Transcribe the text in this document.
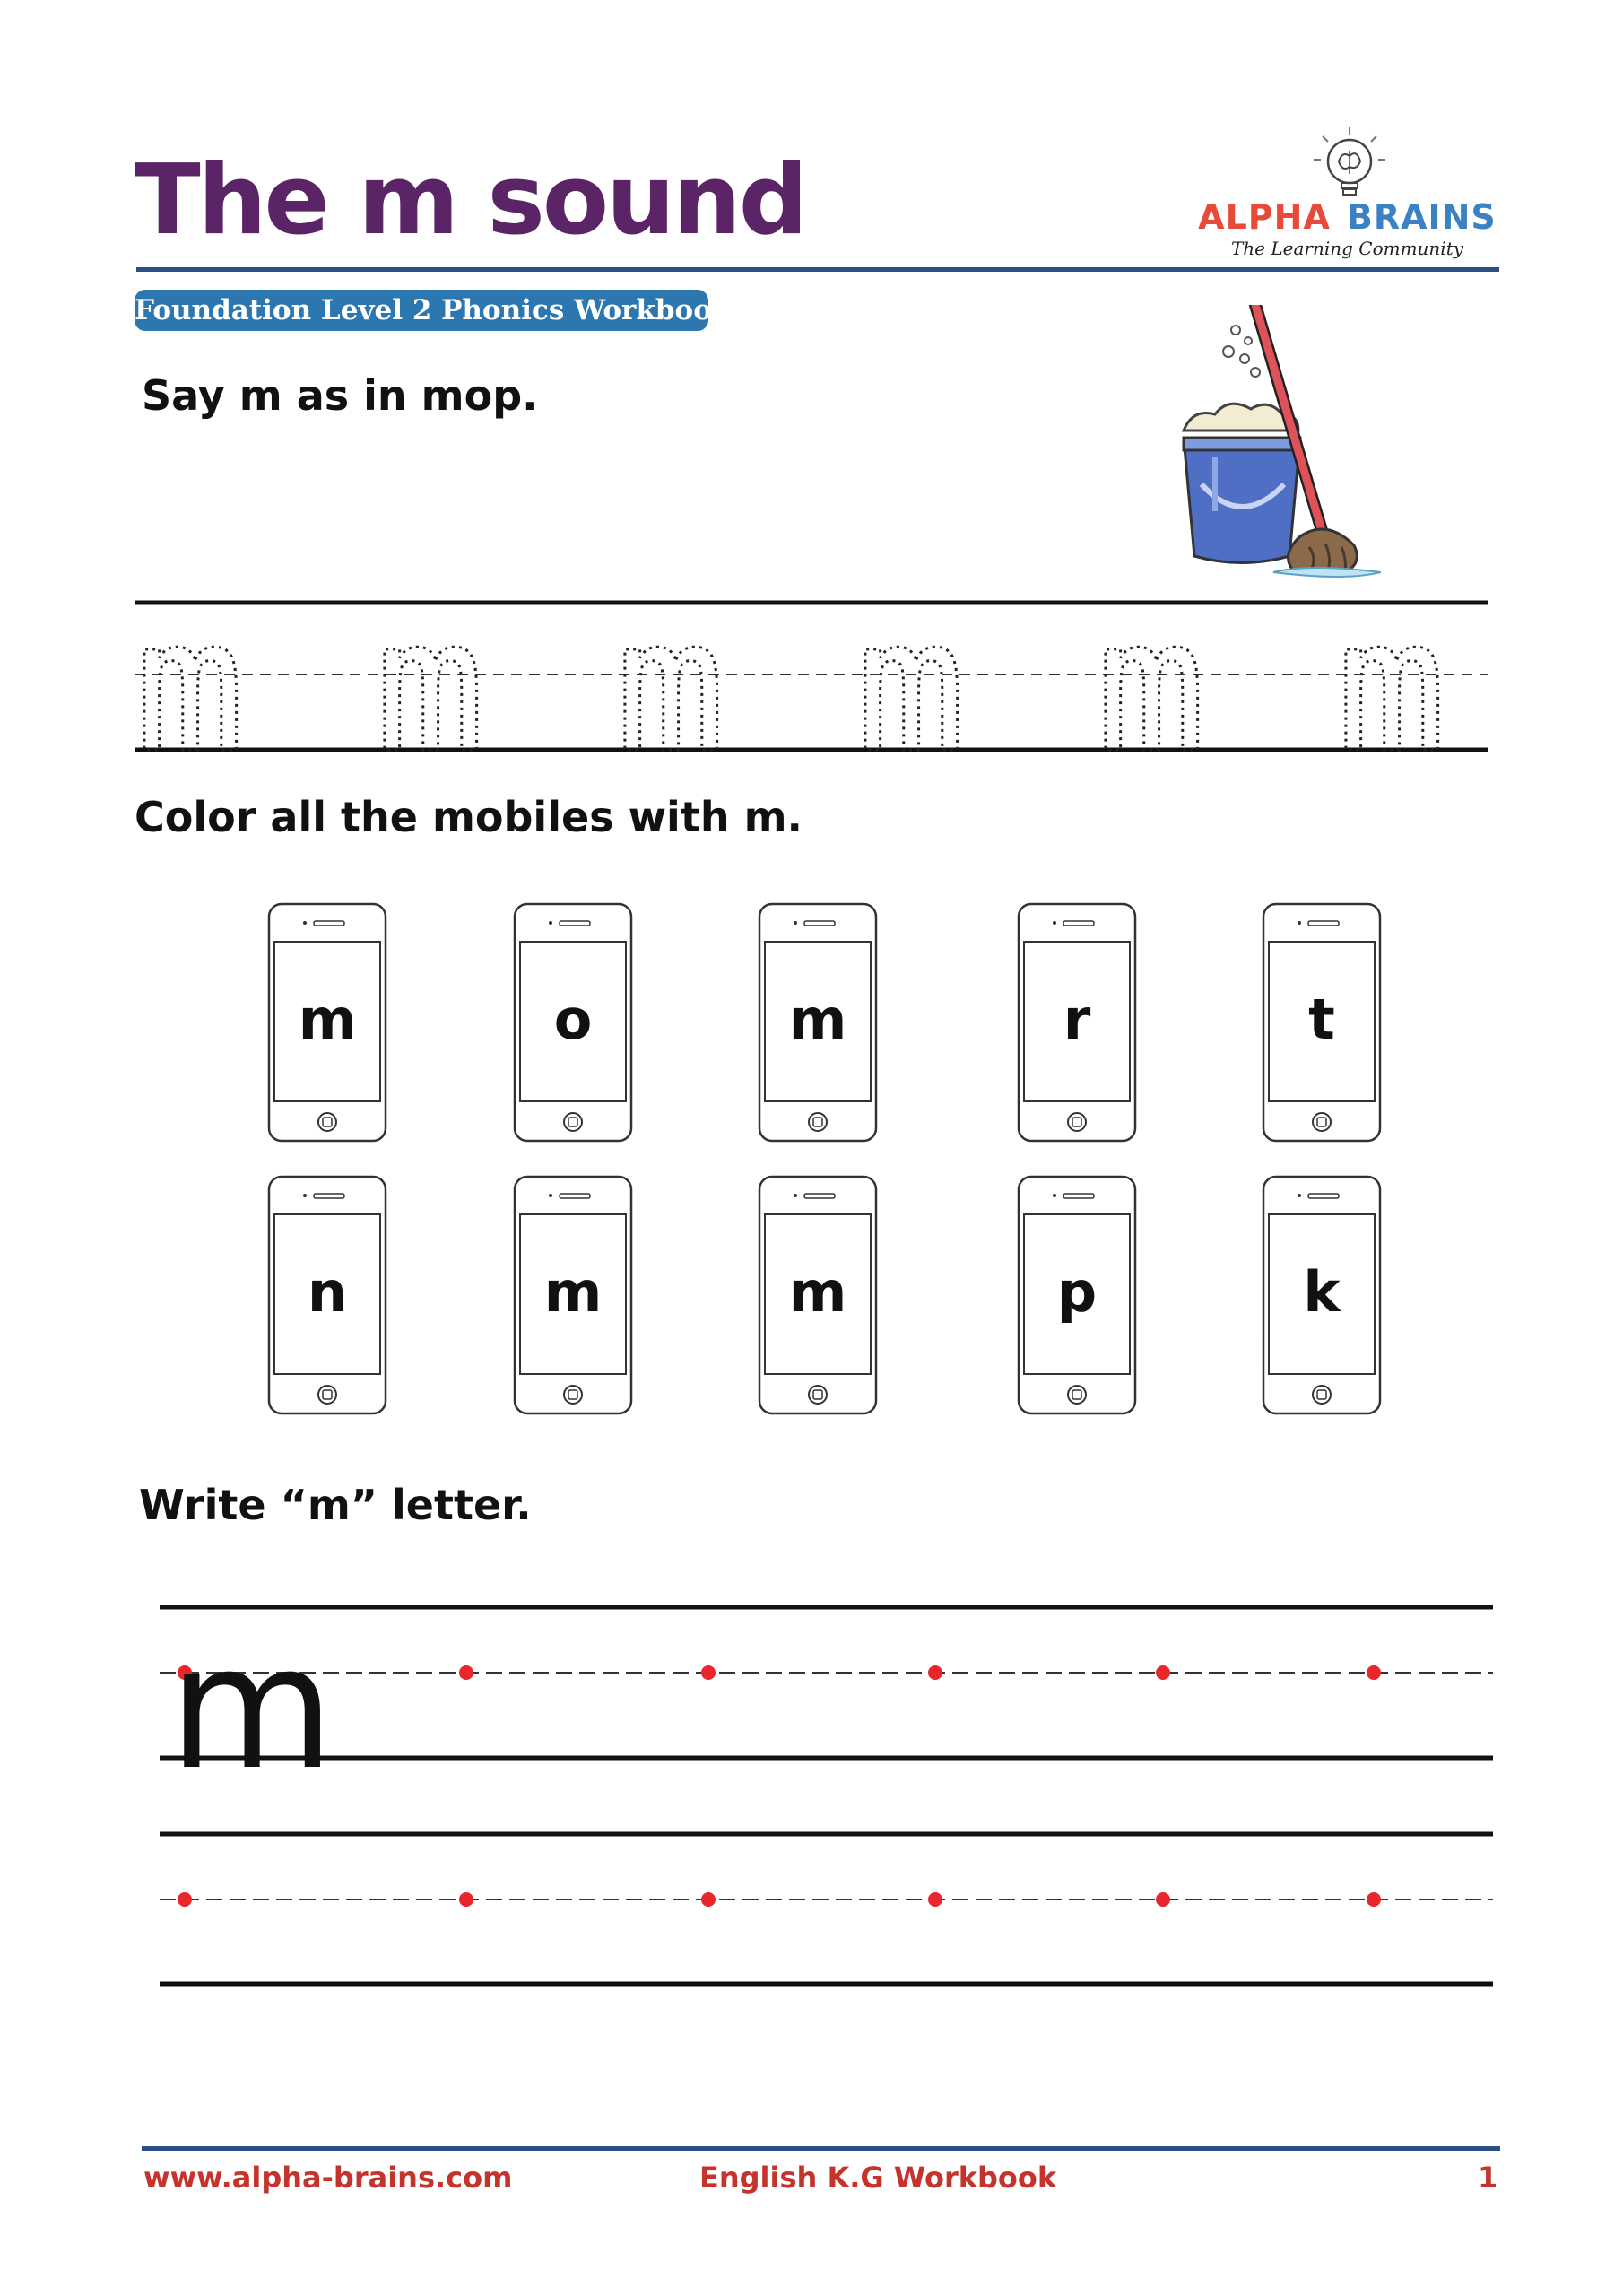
The m sound	ALPHA BRAINS
The Learning Community
Foundation Level 2 Phonics Workbook
Say m as in mop.
m m m m m m
Color all the mobiles with m.
m	o	m	r	t
n	m	m	p	k
Write “m” letter.
m
www.alpha-brains.com	English K.G Workbook	1
